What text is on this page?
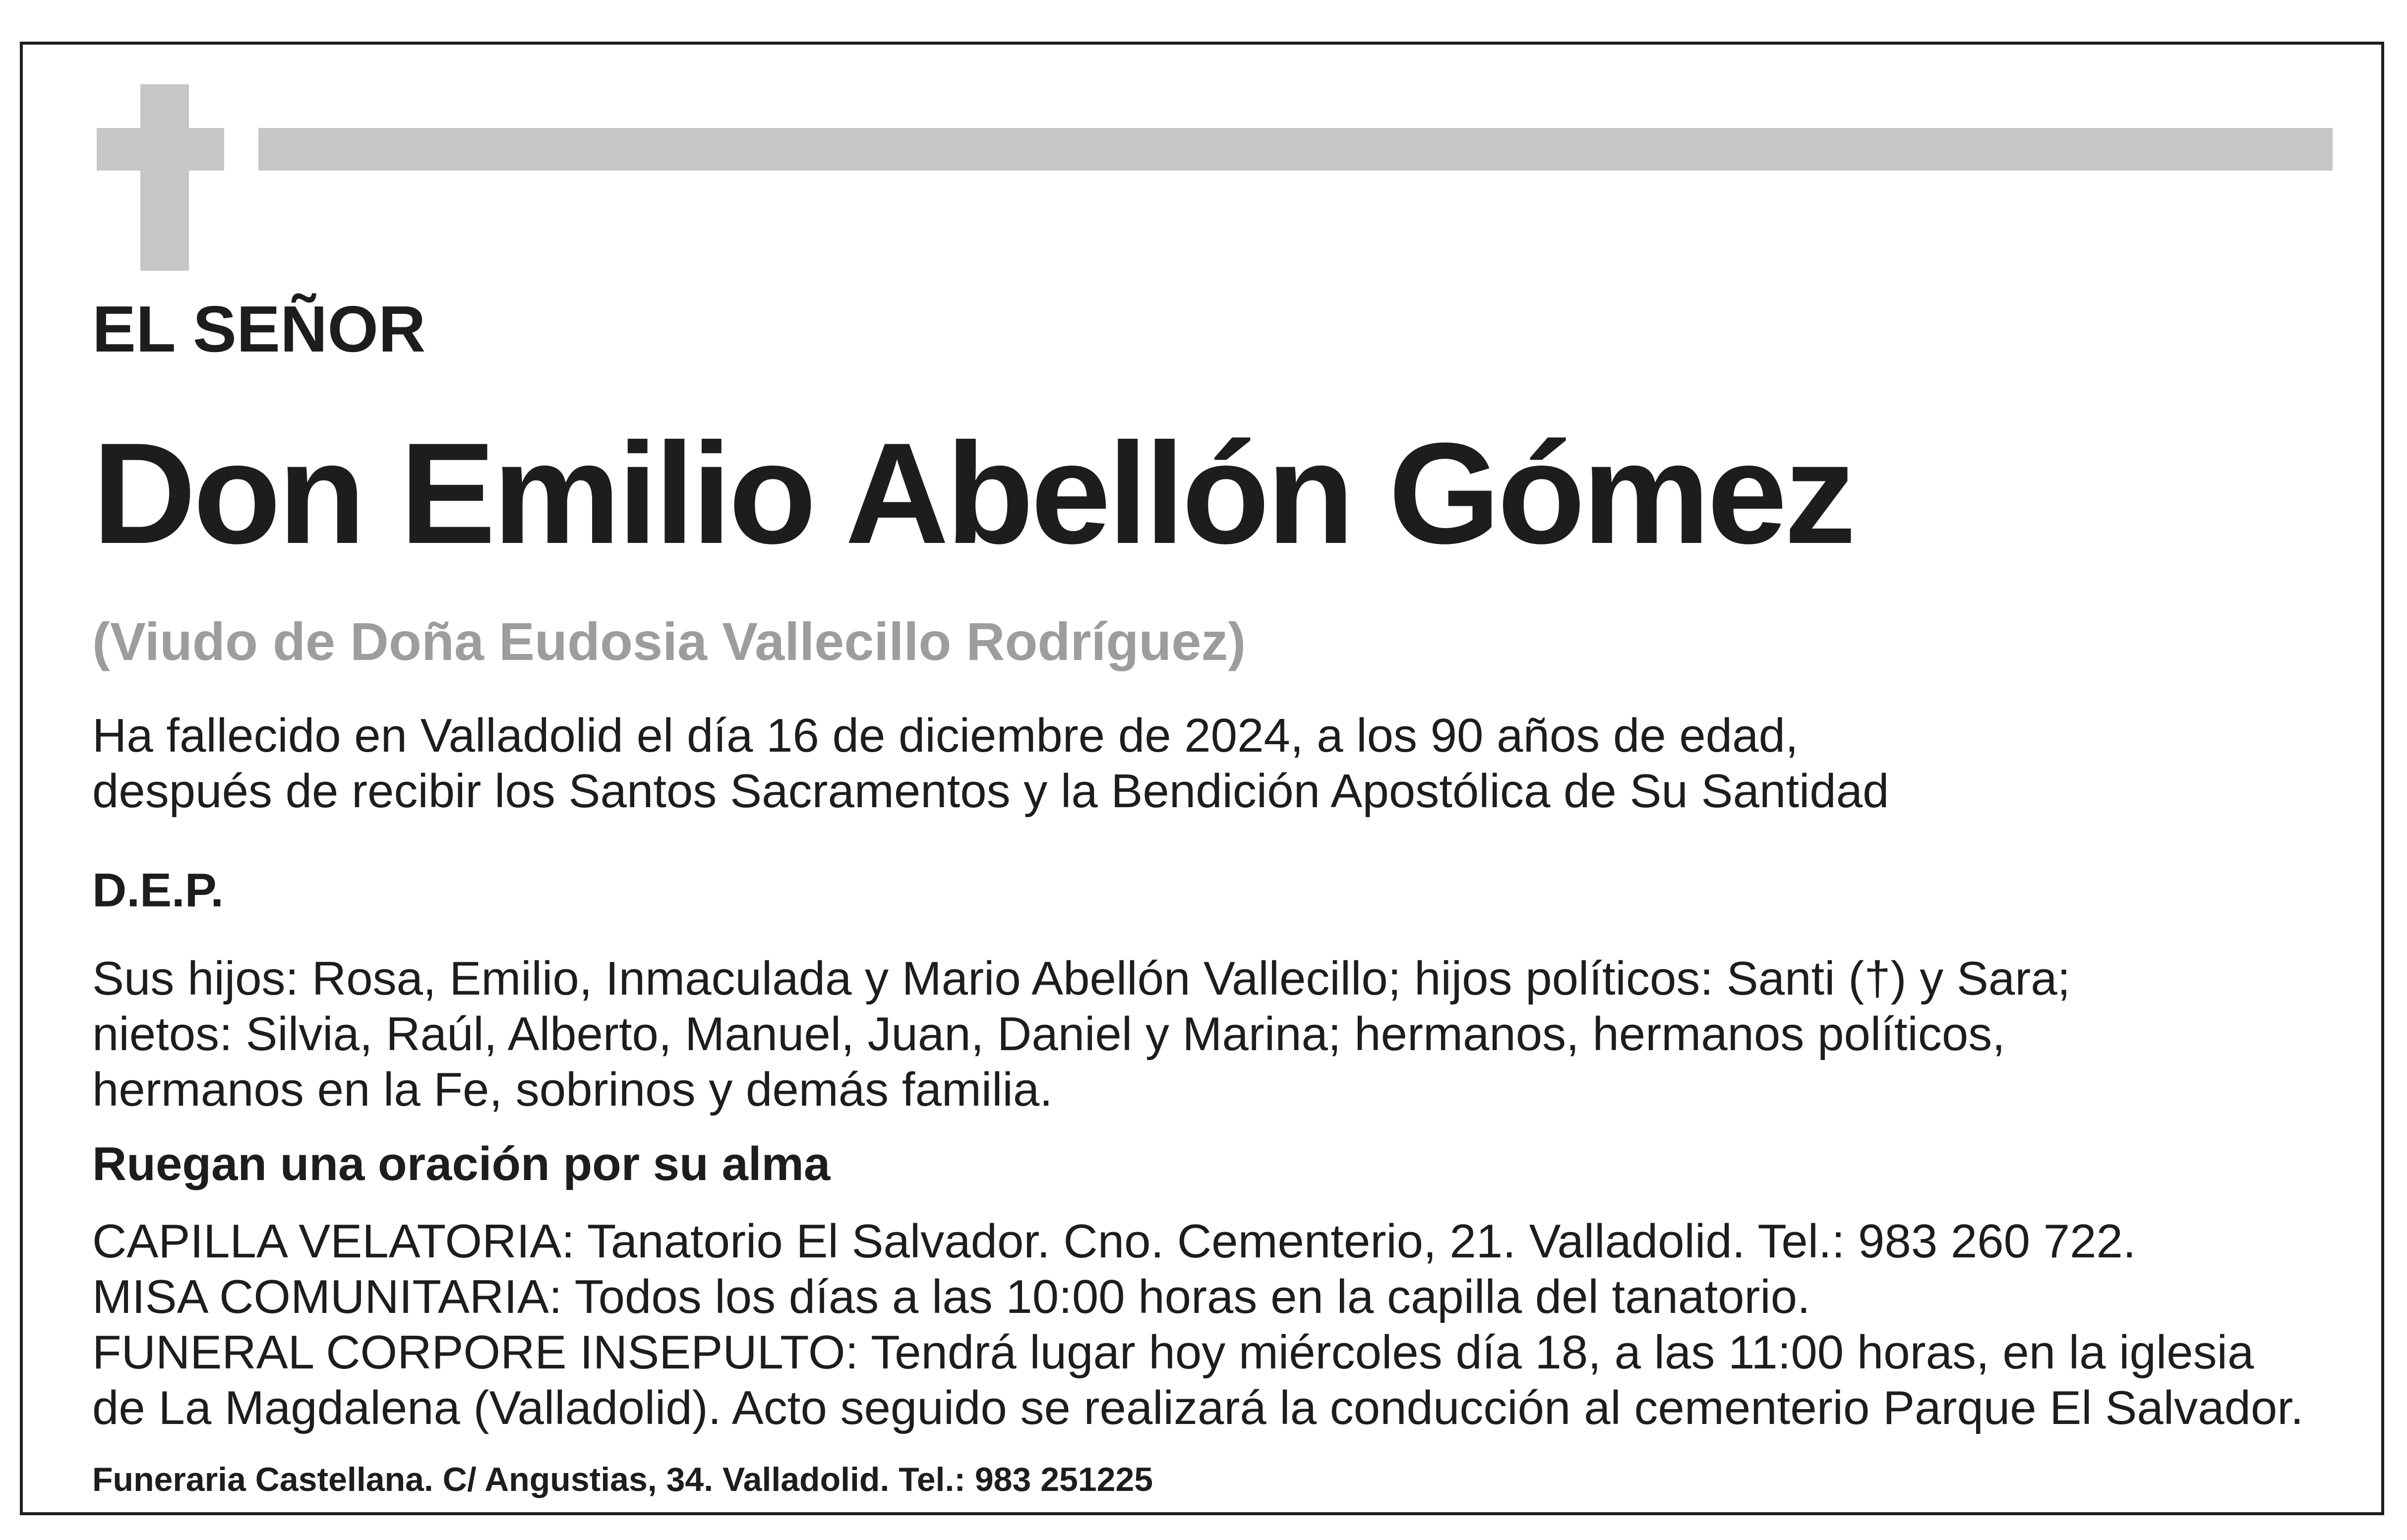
EL SEÑOR
Don Emilio Abellón Gómez

(Viudo de Doña Eudosia Vallecillo Rodríguez)

Ha fallecido en Valladolid el día 16 de diciembre de 2024, a los 90 años de edad,
después de recibir los Santos Sacramentos y la Bendición Apostólica de Su Santidad

D.E.P.

Sus hijos: Rosa, Emilio, Inmaculada y Mario Abellón Vallecillo; hijos políticos: Santi (†) y Sara;
nietos: Silvia, Raúl, Alberto, Manuel, Juan, Daniel y Marina; hermanos, hermanos políticos,
hermanos en la Fe, sobrinos y demás familia.

Ruegan una oración por su alma

CAPILLA VELATORIA: Tanatorio El Salvador. Cno. Cementerio, 21. Valladolid. Tel.: 983 260 722.
MISA COMUNITARIA: Todos los días a las 10:00 horas en la capilla del tanatorio.
FUNERAL CORPORE INSEPULTO: Tendrá lugar hoy miércoles día 18, a las 11:00 horas, en la iglesia
de La Magdalena (Valladolid). Acto seguido se realizará la conducción al cementerio Parque El Salvador.

Funeraria Castellana. C/ Angustias, 34. Valladolid. Tel.: 983 251225
